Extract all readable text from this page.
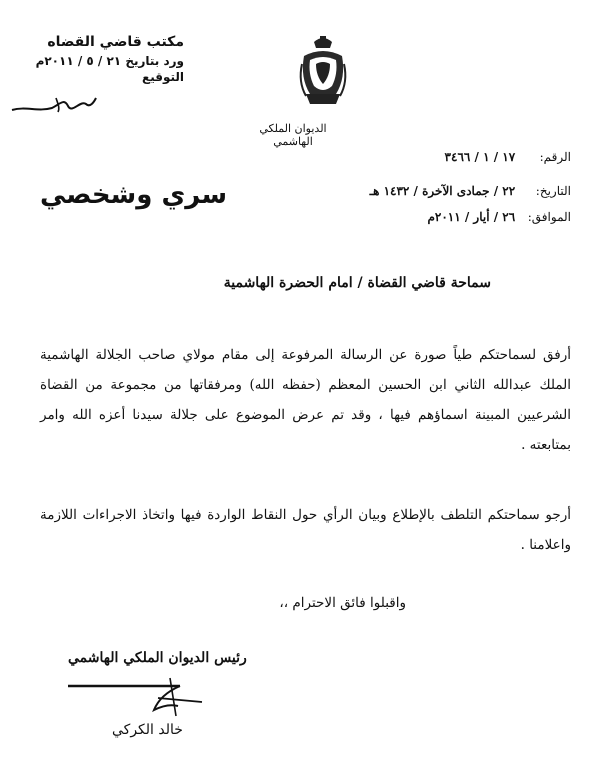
مكتب قاضي القضاه
ورد بتاريخ ٢١ / ٥ / ٢٠١١م
التوقيع
الديوان الملكي الهاشمي
الرقم: ١٧ / ١ / ٣٤٦٦
التاريخ: ٢٢ / جمادى الآخرة / ١٤٣٢ هـ
الموافق: ٢٦ / أيار / ٢٠١١م
سري وشخصي
سماحة قاضي القضاة / امام الحضرة الهاشمية
أرفق لسماحتكم طياً صورة عن الرسالة المرفوعة إلى مقام مولاي صاحب الجلالة الهاشمية الملك عبدالله الثاني ابن الحسين المعظم (حفظه الله) ومرفقاتها من مجموعة من القضاة الشرعيين المبينة اسماؤهم فيها ، وقد تم عرض الموضوع على جلالة سيدنا أعزه الله وامر بمتابعته .
أرجو سماحتكم التلطف بالإطلاع وبيان الرأي حول النقاط الواردة فيها واتخاذ الاجراءات اللازمة واعلامنا .
واقبلوا فائق الاحترام ،،
رئيس الديوان الملكي الهاشمي
خالد الكركي
